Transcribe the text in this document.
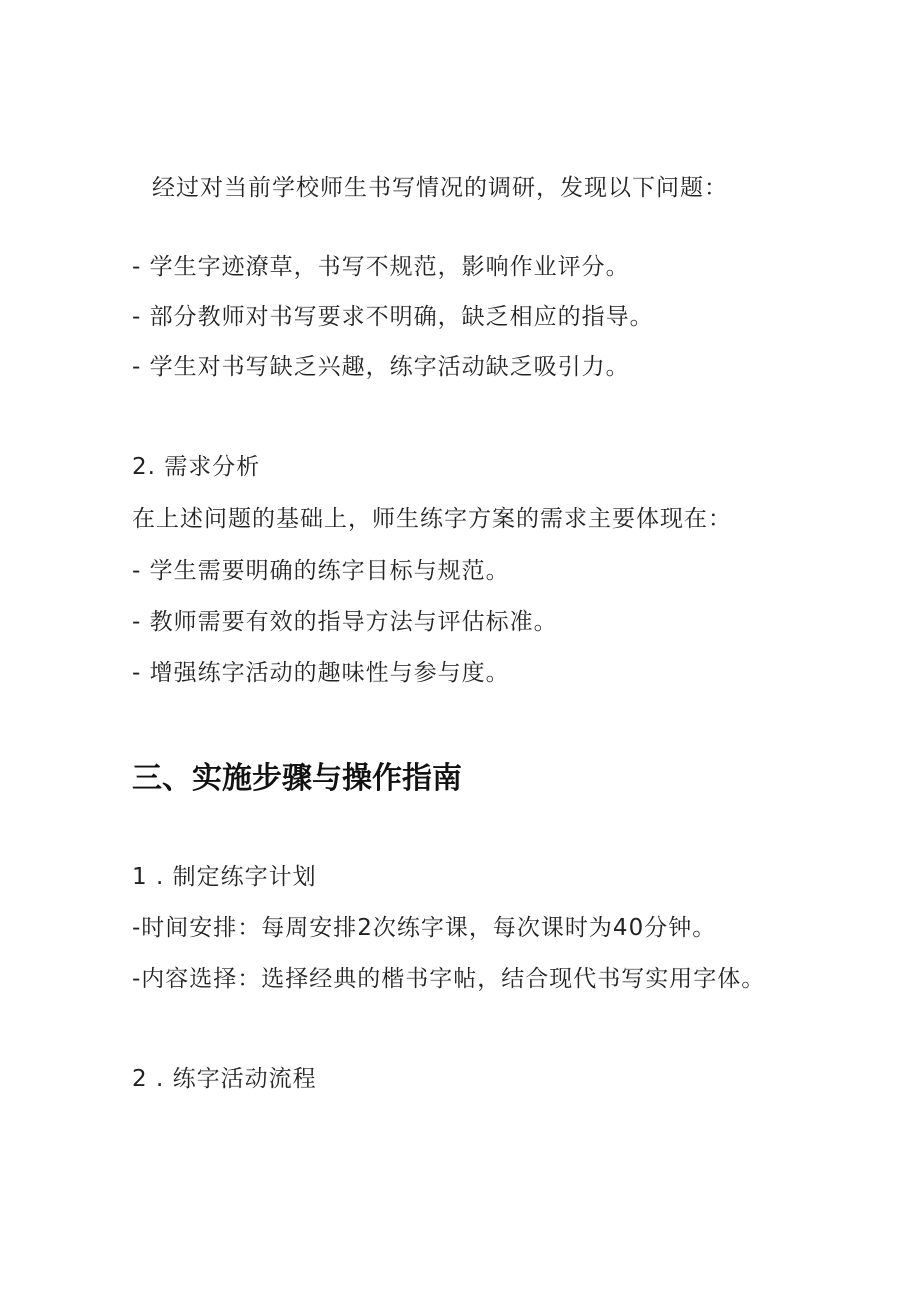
经过对当前学校师生书写情况的调研，发现以下问题：
- 学生字迹潦草，书写不规范，影响作业评分。
- 部分教师对书写要求不明确，缺乏相应的指导。
- 学生对书写缺乏兴趣，练字活动缺乏吸引力。
2. 需求分析
在上述问题的基础上，师生练字方案的需求主要体现在：
- 学生需要明确的练字目标与规范。
- 教师需要有效的指导方法与评估标准。
- 增强练字活动的趣味性与参与度。
三、实施步骤与操作指南
1 . 制定练字计划
-时间安排：每周安排2次练字课，每次课时为40分钟。
-内容选择：选择经典的楷书字帖，结合现代书写实用字体。
2 . 练字活动流程
